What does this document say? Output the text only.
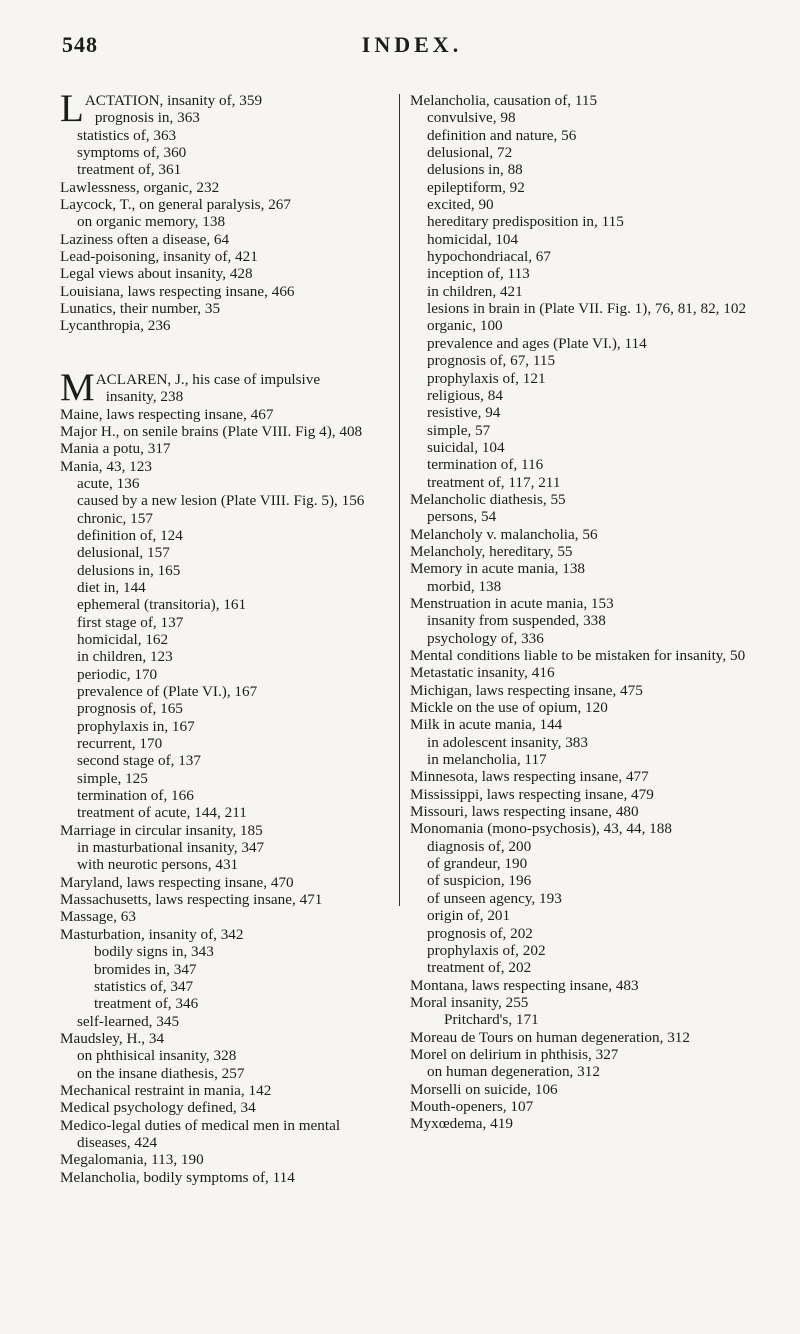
INDEX.
548
L ACTATION, insanity of, 359
prognosis in, 363
statistics of, 363
symptoms of, 360
treatment of, 361
Lawlessness, organic, 232
Laycock, T., on general paralysis, 267
on organic memory, 138
Laziness often a disease, 64
Lead-poisoning, insanity of, 421
Legal views about insanity, 428
Louisiana, laws respecting insane, 466
Lunatics, their number, 35
Lycanthropia, 236
M ACLAREN, J., his case of impulsive
insanity, 238
Maine, laws respecting insane, 467
Major H., on senile brains (Plate VIII. Fig 4), 408
Mania a potu, 317
Mania, 43, 123
acute, 136
caused by a new lesion (Plate VIII. Fig. 5), 156
chronic, 157
definition of, 124
delusional, 157
delusions in, 165
diet in, 144
ephemeral (transitoria), 161
first stage of, 137
homicidal, 162
in children, 123
periodic, 170
prevalence of (Plate VI.), 167
prognosis of, 165
prophylaxis in, 167
recurrent, 170
second stage of, 137
simple, 125
termination of, 166
treatment of acute, 144, 211
Marriage in circular insanity, 185
in masturbational insanity, 347
with neurotic persons, 431
Maryland, laws respecting insane, 470
Massachusetts, laws respecting insane, 471
Massage, 63
Masturbation, insanity of, 342
bodily signs in, 343
bromides in, 347
statistics of, 347
treatment of, 346
self-learned, 345
Maudsley, H., 34
on phthisical insanity, 328
on the insane diathesis, 257
Mechanical restraint in mania, 142
Medical psychology defined, 34
Medico-legal duties of medical men in mental diseases, 424
Megalomania, 113, 190
Melancholia, bodily symptoms of, 114
Melancholia, causation of, 115
convulsive, 98
definition and nature, 56
delusional, 72
delusions in, 88
epileptiform, 92
excited, 90
hereditary predisposition in, 115
homicidal, 104
hypochondriacal, 67
inception of, 113
in children, 421
lesions in brain in (Plate VII. Fig. 1), 76, 81, 82, 102
organic, 100
prevalence and ages (Plate VI.), 114
prognosis of, 67, 115
prophylaxis of, 121
religious, 84
resistive, 94
simple, 57
suicidal, 104
termination of, 116
treatment of, 117, 211
Melancholic diathesis, 55
persons, 54
Melancholy v. malancholia, 56
Melancholy, hereditary, 55
Memory in acute mania, 138
morbid, 138
Menstruation in acute mania, 153
insanity from suspended, 338
psychology of, 336
Mental conditions liable to be mistaken for insanity, 50
Metastatic insanity, 416
Michigan, laws respecting insane, 475
Mickle on the use of opium, 120
Milk in acute mania, 144
in adolescent insanity, 383
in melancholia, 117
Minnesota, laws respecting insane, 477
Mississippi, laws respecting insane, 479
Missouri, laws respecting insane, 480
Monomania (mono-psychosis), 43, 44, 188
diagnosis of, 200
of grandeur, 190
of suspicion, 196
of unseen agency, 193
origin of, 201
prognosis of, 202
prophylaxis of, 202
treatment of, 202
Montana, laws respecting insane, 483
Moral insanity, 255
Pritchard's, 171
Moreau de Tours on human degeneration, 312
Morel on delirium in phthisis, 327
on human degeneration, 312
Morselli on suicide, 106
Mouth-openers, 107
Myxœdema, 419
